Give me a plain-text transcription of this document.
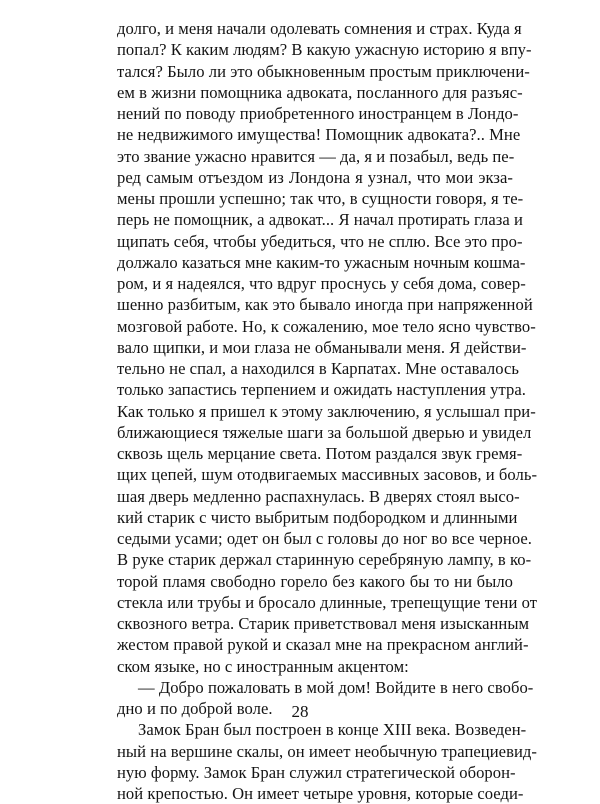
долго, и меня начали одолевать сомнения и страх. Куда я
попал? К каким людям? В какую ужасную историю я впу-
тался? Было ли это обыкновенным простым приключени-
ем в жизни помощника адвоката, посланного для разъяс-
нений по поводу приобретенного иностранцем в Лондо-
не недвижимого имущества! Помощник адвоката?.. Мне
это звание ужасно нравится — да, я и позабыл, ведь пе-
ред самым отъездом из Лондона я узнал, что мои экза-
мены прошли успешно; так что, в сущности говоря, я те-
перь не помощник, а адвокат... Я начал протирать глаза и
щипать себя, чтобы убедиться, что не сплю. Все это про-
должало казаться мне каким-то ужасным ночным кошма-
ром, и я надеялся, что вдруг проснусь у себя дома, совер-
шенно разбитым, как это бывало иногда при напряженной
мозговой работе. Но, к сожалению, мое тело ясно чувство-
вало щипки, и мои глаза не обманывали меня. Я действи-
тельно не спал, а находился в Карпатах. Мне оставалось
только запастись терпением и ожидать наступления утра.
Как только я пришел к этому заключению, я услышал при-
ближающиеся тяжелые шаги за большой дверью и увидел
сквозь щель мерцание света. Потом раздался звук гремя-
щих цепей, шум отодвигаемых массивных засовов, и боль-
шая дверь медленно распахнулась. В дверях стоял высо-
кий старик с чисто выбритым подбородком и длинными
седыми усами; одет он был с головы до ног во все черное.
В руке старик держал старинную серебряную лампу, в ко-
торой пламя свободно горело без какого бы то ни было
стекла или трубы и бросало длинные, трепещущие тени от
сквозного ветра. Старик приветствовал меня изысканным
жестом правой рукой и сказал мне на прекрасном англий-
ском языке, но с иностранным акцентом:
— Добро пожаловать в мой дом! Войдите в него свобо-
дно и по доброй воле.
Замок Бран был построен в конце XIII века. Возведен-
ный на вершине скалы, он имеет необычную трапециевид-
ную форму. Замок Бран служил стратегической оборон-
ной крепостью. Он имеет четыре уровня, которые соеди-
28
